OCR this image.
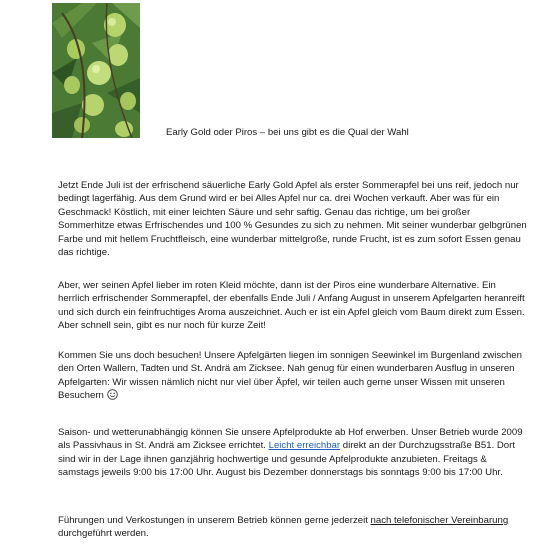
Early Gold oder Piros – bei uns gibt es die Qual der Wahl

Jetzt Ende Juli ist der erfrischend säuerliche Early Gold Apfel als erster Sommerapfel bei uns reif, jedoch nur bedingt lagerfähig. Aus dem Grund wird er bei Alles Apfel nur ca. drei Wochen verkauft. Aber was für ein Geschmack! Köstlich, mit einer leichten Säure und sehr saftig. Genau das richtige, um bei großer Sommerhitze etwas Erfrischendes und 100 % Gesundes zu sich zu nehmen. Mit seiner wunderbar gelbgrünen Farbe und mit hellem Fruchtfleisch, eine wunderbar mittelgroße, runde Frucht, ist es zum sofort Essen genau das richtige.

Aber, wer seinen Apfel lieber im roten Kleid möchte, dann ist der Piros eine wunderbare Alternative. Ein herrlich erfrischender Sommerapfel, der ebenfalls Ende Juli / Anfang August in unserem Apfelgarten heranreift und sich durch ein feinfruchtiges Aroma auszeichnet. Auch er ist ein Apfel gleich vom Baum direkt zum Essen. Aber schnell sein, gibt es nur noch für kurze Zeit!

Kommen Sie uns doch besuchen! Unsere Apfelgärten liegen im sonnigen Seewinkel im Burgenland zwischen den Orten Wallern, Tadten und St. Andrä am Zicksee. Nah genug für einen wunderbaren Ausflug in unseren Apfelgarten: Wir wissen nämlich nicht nur viel über Äpfel, wir teilen auch gerne unser Wissen mit unseren Besuchern

Saison- und wetterunabhängig können Sie unsere Apfelprodukte ab Hof erwerben. Unser Betrieb wurde 2009 als Passivhaus in St. Andrä am Zicksee errichtet. Leicht erreichbar direkt an der Durchzugsstraße B51. Dort sind wir in der Lage ihnen ganzjährig hochwertige und gesunde Apfelprodukte anzubieten. Freitags & samstags jeweils 9:00 bis 17:00 Uhr. August bis Dezember donnerstags bis sonntags 9:00 bis 17:00 Uhr.

Führungen und Verkostungen in unserem Betrieb können gerne jederzeit nach telefonischer Vereinbarung durchgeführt werden.
